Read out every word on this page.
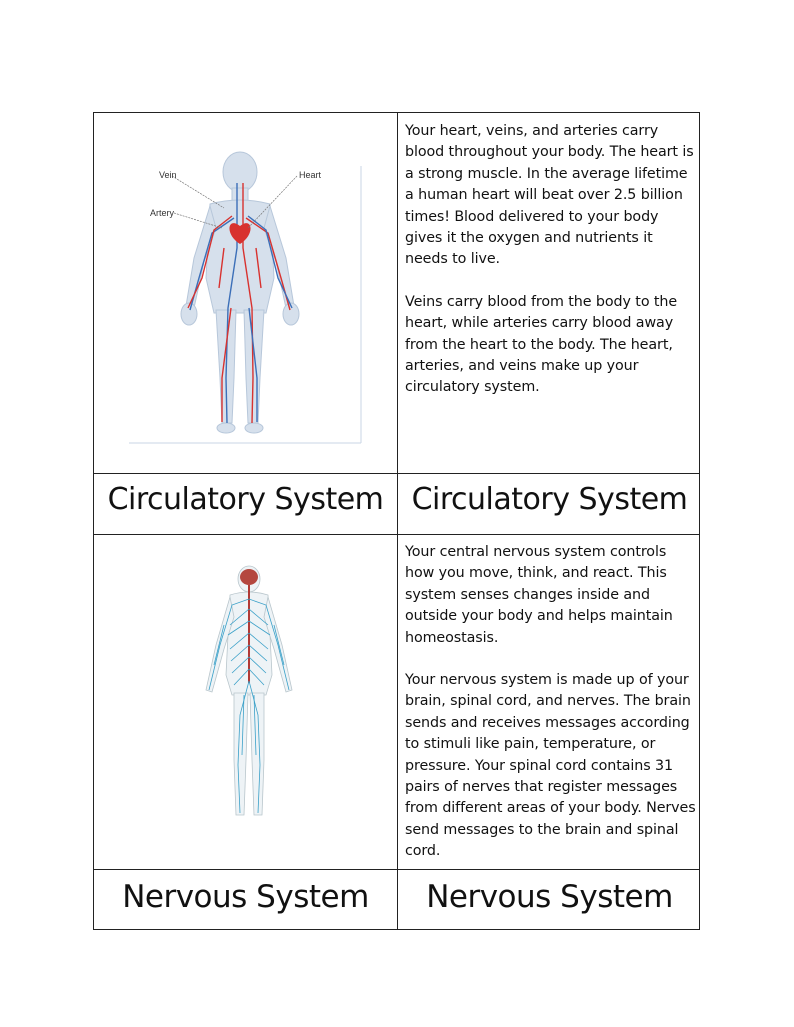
Vein
Artery
Heart

Your heart, veins, and arteries carry blood throughout your body. The heart is a strong muscle. In the average lifetime a human heart will beat over 2.5 billion times! Blood delivered to your body gives it the oxygen and nutrients it needs to live.

Veins carry blood from the body to the heart, while arteries carry blood away from the heart to the body. The heart, arteries, and veins make up your circulatory system.

Circulatory System Circulatory System

Your central nervous system controls how you move, think, and react. This system senses changes inside and outside your body and helps maintain homeostasis.

Your nervous system is made up of your brain, spinal cord, and nerves. The brain sends and receives messages according to stimuli like pain, temperature, or pressure. Your spinal cord contains 31 pairs of nerves that register messages from different areas of your body. Nerves send messages to the brain and spinal cord.

Nervous System	Nervous System
